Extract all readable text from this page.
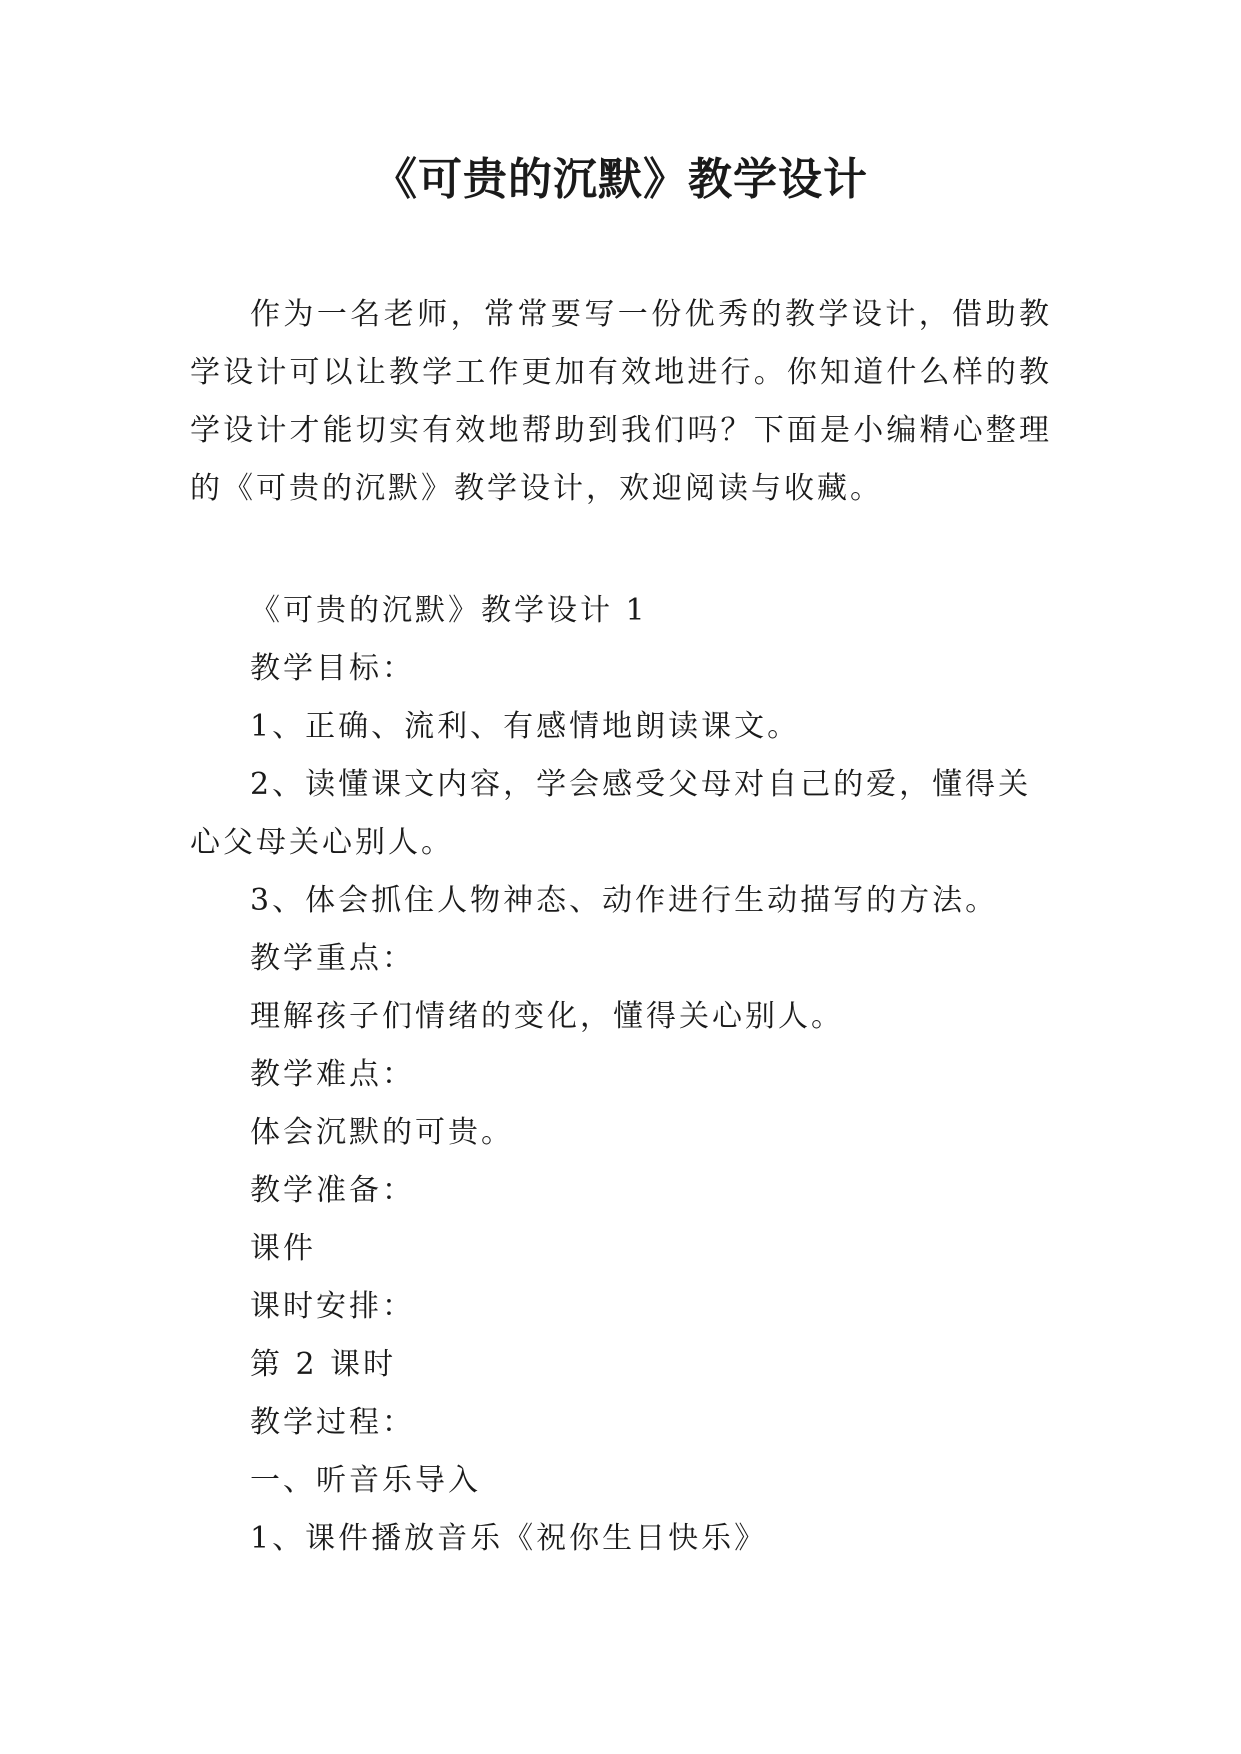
《可贵的沉默》教学设计

作为一名老师，常常要写一份优秀的教学设计，借助教学设计可以让教学工作更加有效地进行。你知道什么样的教学设计才能切实有效地帮助到我们吗？下面是小编精心整理的《可贵的沉默》教学设计，欢迎阅读与收藏。

《可贵的沉默》教学设计 1

教学目标：

1、正确、流利、有感情地朗读课文。

2、读懂课文内容，学会感受父母对自己的爱，懂得关心父母关心别人。

3、体会抓住人物神态、动作进行生动描写的方法。

教学重点：

理解孩子们情绪的变化，懂得关心别人。

教学难点：

体会沉默的可贵。

教学准备：

课件

课时安排：

第 2 课时

教学过程：

一、听音乐导入

1、课件播放音乐《祝你生日快乐》
